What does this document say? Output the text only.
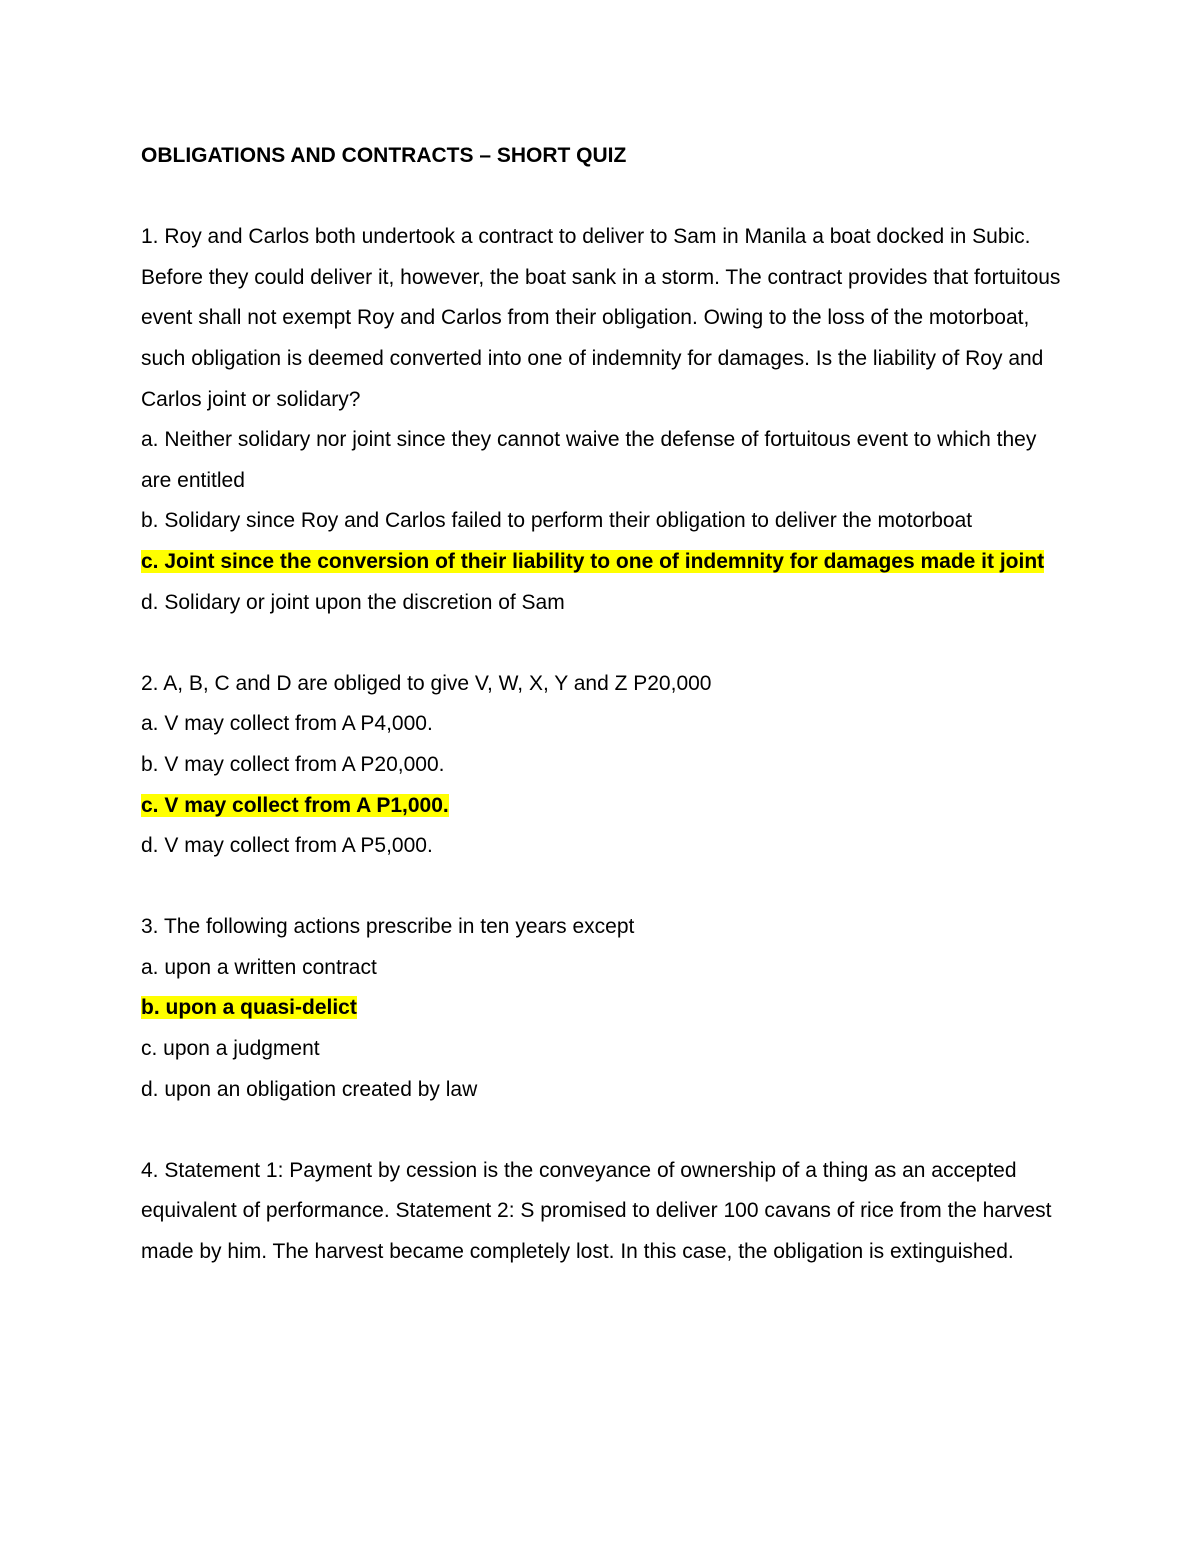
OBLIGATIONS AND CONTRACTS – SHORT QUIZ

1. Roy and Carlos both undertook a contract to deliver to Sam in Manila a boat docked in Subic. Before they could deliver it, however, the boat sank in a storm. The contract provides that fortuitous event shall not exempt Roy and Carlos from their obligation. Owing to the loss of the motorboat, such obligation is deemed converted into one of indemnity for damages. Is the liability of Roy and Carlos joint or solidary?

a. Neither solidary nor joint since they cannot waive the defense of fortuitous event to which they are entitled

b. Solidary since Roy and Carlos failed to perform their obligation to deliver the motorboat

c. Joint since the conversion of their liability to one of indemnity for damages made it joint

d. Solidary or joint upon the discretion of Sam

2. A, B, C and D are obliged to give V, W, X, Y and Z P20,000

a. V may collect from A P4,000.

b. V may collect from A P20,000.

c. V may collect from A P1,000.

d. V may collect from A P5,000.

3. The following actions prescribe in ten years except

a. upon a written contract

b. upon a quasi-delict

c. upon a judgment

d. upon an obligation created by law

4. Statement 1: Payment by cession is the conveyance of ownership of a thing as an accepted equivalent of performance. Statement 2: S promised to deliver 100 cavans of rice from the harvest made by him. The harvest became completely lost. In this case, the obligation is extinguished.
